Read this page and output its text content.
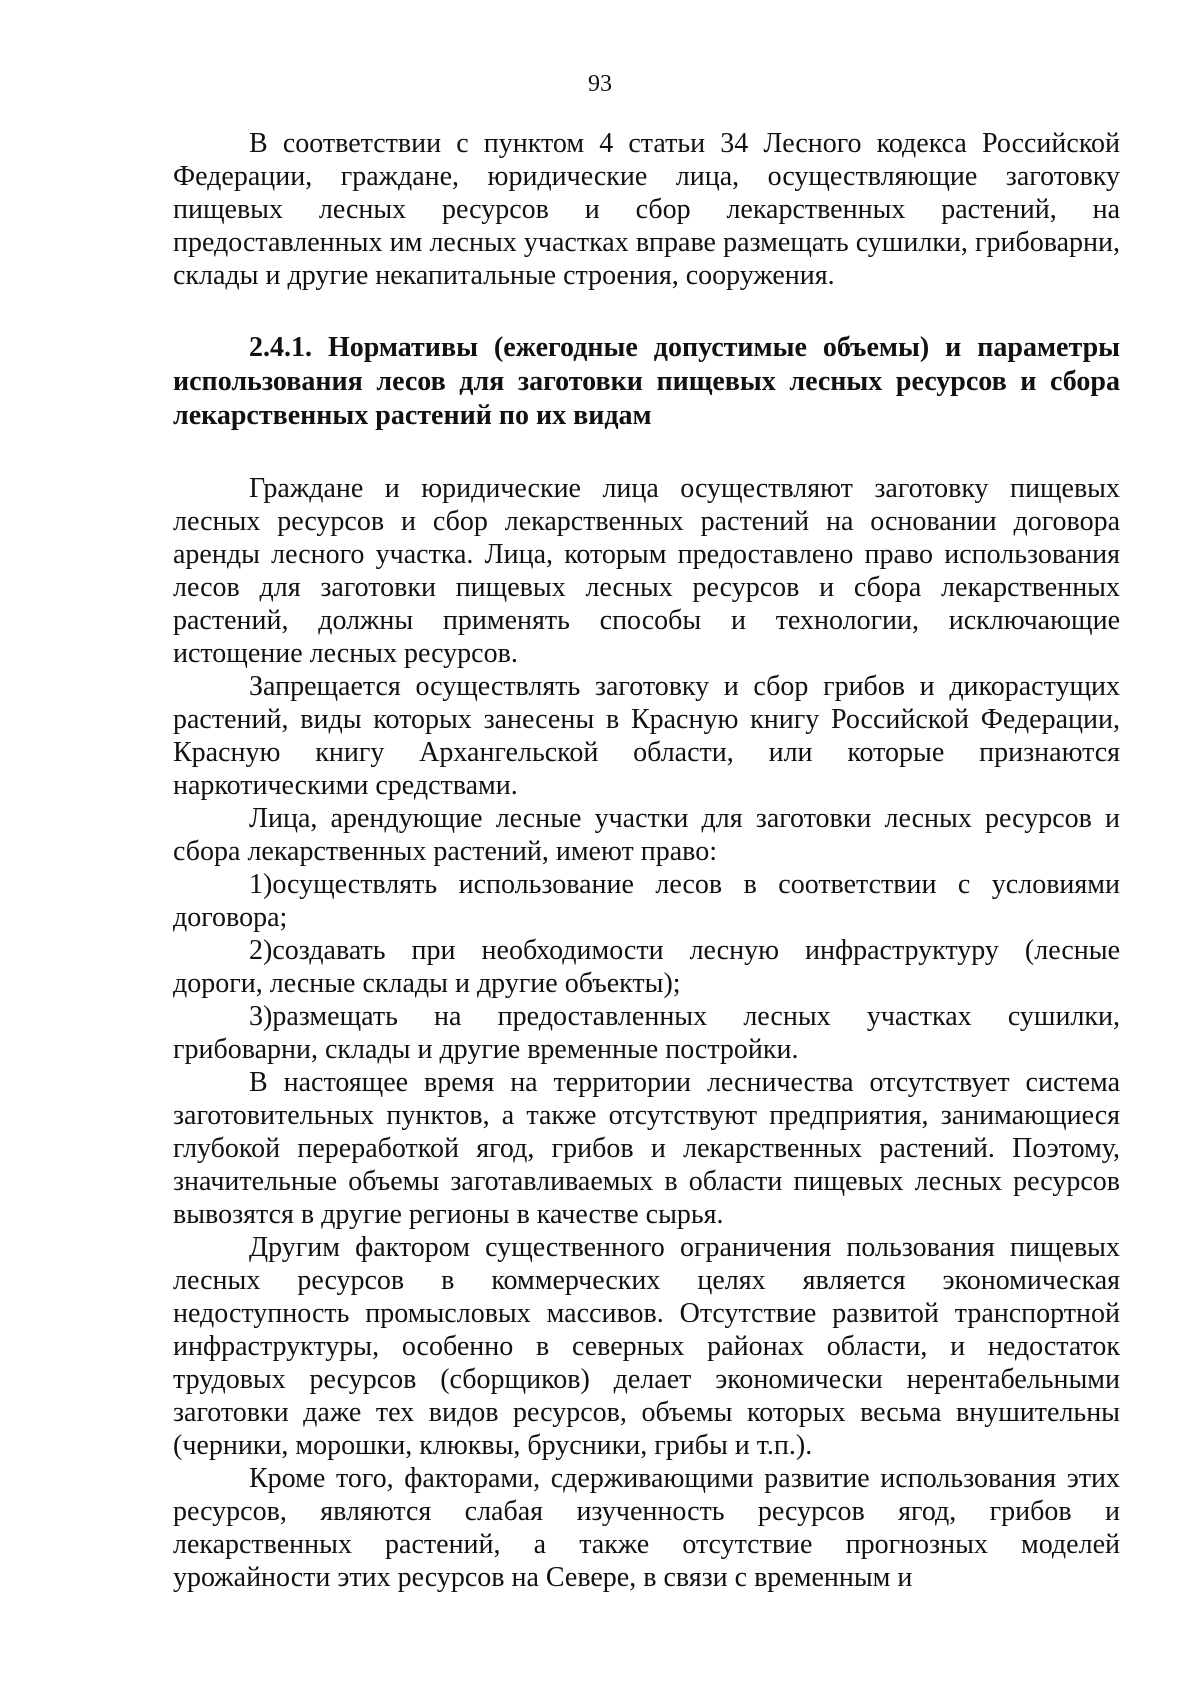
93

В соответствии с пунктом 4 статьи 34 Лесного кодекса Российской Федерации, граждане, юридические лица, осуществляющие заготовку пищевых лесных ресурсов и сбор лекарственных растений, на предоставленных им лесных участках вправе размещать сушилки, грибоварни, склады и другие некапитальные строения, сооружения.

2.4.1. Нормативы (ежегодные допустимые объемы) и параметры использования лесов для заготовки пищевых лесных ресурсов и сбора лекарственных растений по их видам

Граждане и юридические лица осуществляют заготовку пищевых лесных ресурсов и сбор лекарственных растений на основании договора аренды лесного участка. Лица, которым предоставлено право использования лесов для заготовки пищевых лесных ресурсов и сбора лекарственных растений, должны применять способы и технологии, исключающие истощение лесных ресурсов.

Запрещается осуществлять заготовку и сбор грибов и дикорастущих растений, виды которых занесены в Красную книгу Российской Федерации, Красную книгу Архангельской области, или которые признаются наркотическими средствами.

Лица, арендующие лесные участки для заготовки лесных ресурсов и сбора лекарственных растений, имеют право:

1)осуществлять использование лесов в соответствии с условиями договора;

2)создавать при необходимости лесную инфраструктуру (лесные дороги, лесные склады и другие объекты);

3)размещать на предоставленных лесных участках сушилки, грибоварни, склады и другие временные постройки.

В настоящее время на территории лесничества отсутствует система заготовительных пунктов, а также отсутствуют предприятия, занимающиеся глубокой переработкой ягод, грибов и лекарственных растений. Поэтому, значительные объемы заготавливаемых в области пищевых лесных ресурсов вывозятся в другие регионы в качестве сырья.

Другим фактором существенного ограничения пользования пищевых лесных ресурсов в коммерческих целях является экономическая недоступность промысловых массивов. Отсутствие развитой транспортной инфраструктуры, особенно в северных районах области, и недостаток трудовых ресурсов (сборщиков) делает экономически нерентабельными заготовки даже тех видов ресурсов, объемы которых весьма внушительны (черники, морошки, клюквы, брусники, грибы и т.п.).

Кроме того, факторами, сдерживающими развитие использования этих ресурсов, являются слабая изученность ресурсов ягод, грибов и лекарственных растений, а также отсутствие прогнозных моделей урожайности этих ресурсов на Севере, в связи с временным и
